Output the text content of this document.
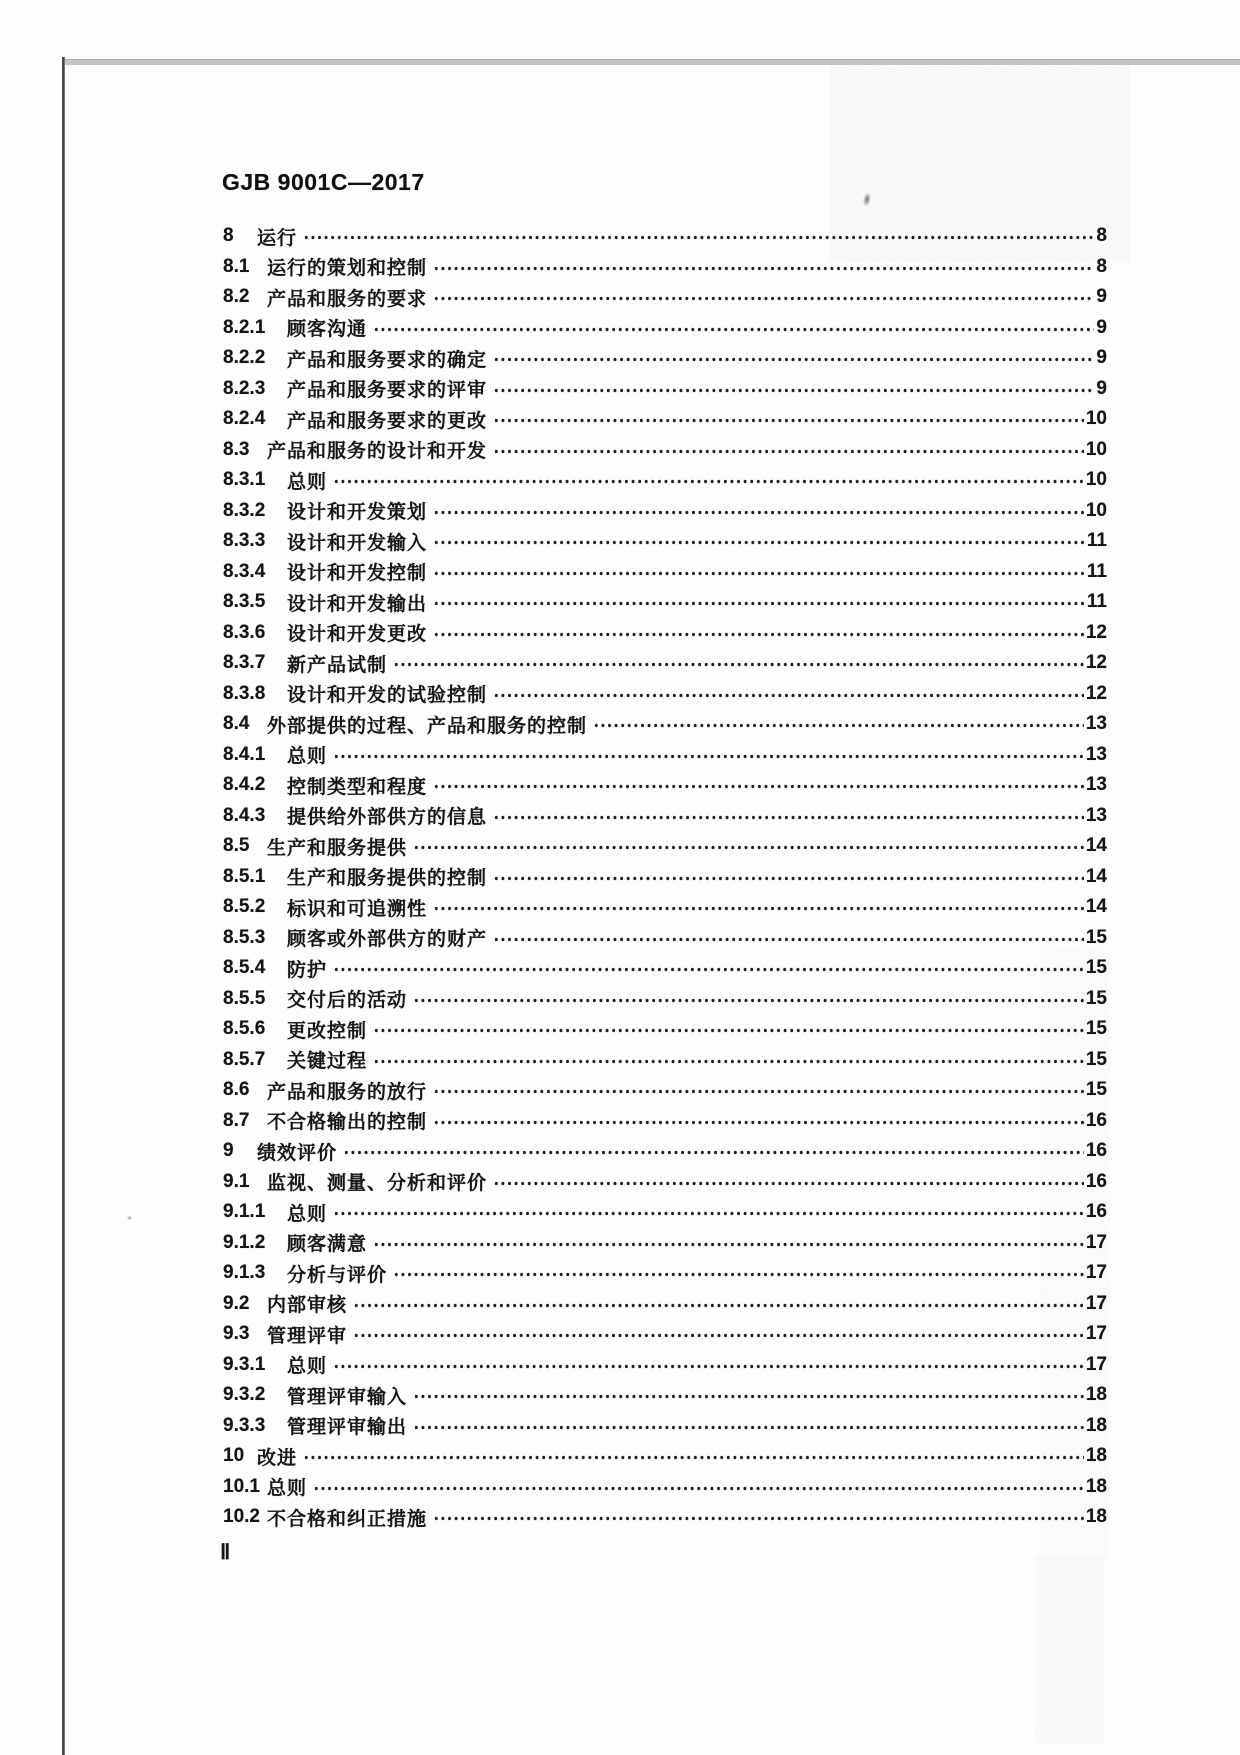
GJB 9001C—2017
8	运行	8
8.1 运行的策划和控制	8
8.2 产品和服务的要求	9
8.2.1	顾客沟通	9
8.2.2	产品和服务要求的确定	9
8.2.3	产品和服务要求的评审	9
8.2.4	产品和服务要求的更改	10
8.3 产品和服务的设计和开发	10
8.3.1	总则	10
8.3.2	设计和开发策划	10
8.3.3	设计和开发输入	11
8.3.4	设计和开发控制	11
8.3.5	设计和开发输出	11
8.3.6	设计和开发更改	12
8.3.7	新产品试制	12
8.3.8	设计和开发的试验控制	12
8.4 外部提供的过程、产品和服务的控制	13
8.4.1	总则	13
8.4.2	控制类型和程度	13
8.4.3	提供给外部供方的信息	13
8.5 生产和服务提供	14
8.5.1	生产和服务提供的控制	14
8.5.2	标识和可追溯性	14
8.5.3	顾客或外部供方的财产	15
8.5.4	防护	15
8.5.5	交付后的活动	15
8.5.6	更改控制	15
8.5.7	关键过程	15
8.6 产品和服务的放行	15
8.7 不合格输出的控制	16
9	绩效评价	16
9.1 监视、测量、分析和评价	16
9.1.1	总则	16
9.1.2	顾客满意	17
9.1.3	分析与评价	17
9.2 内部审核	17
9.3 管理评审	17
9.3.1	总则	17
9.3.2	管理评审输入	18
9.3.3	管理评审输出	18
10 改进	18
10.1 总则	18
10.2 不合格和纠正措施	18
Ⅱ
